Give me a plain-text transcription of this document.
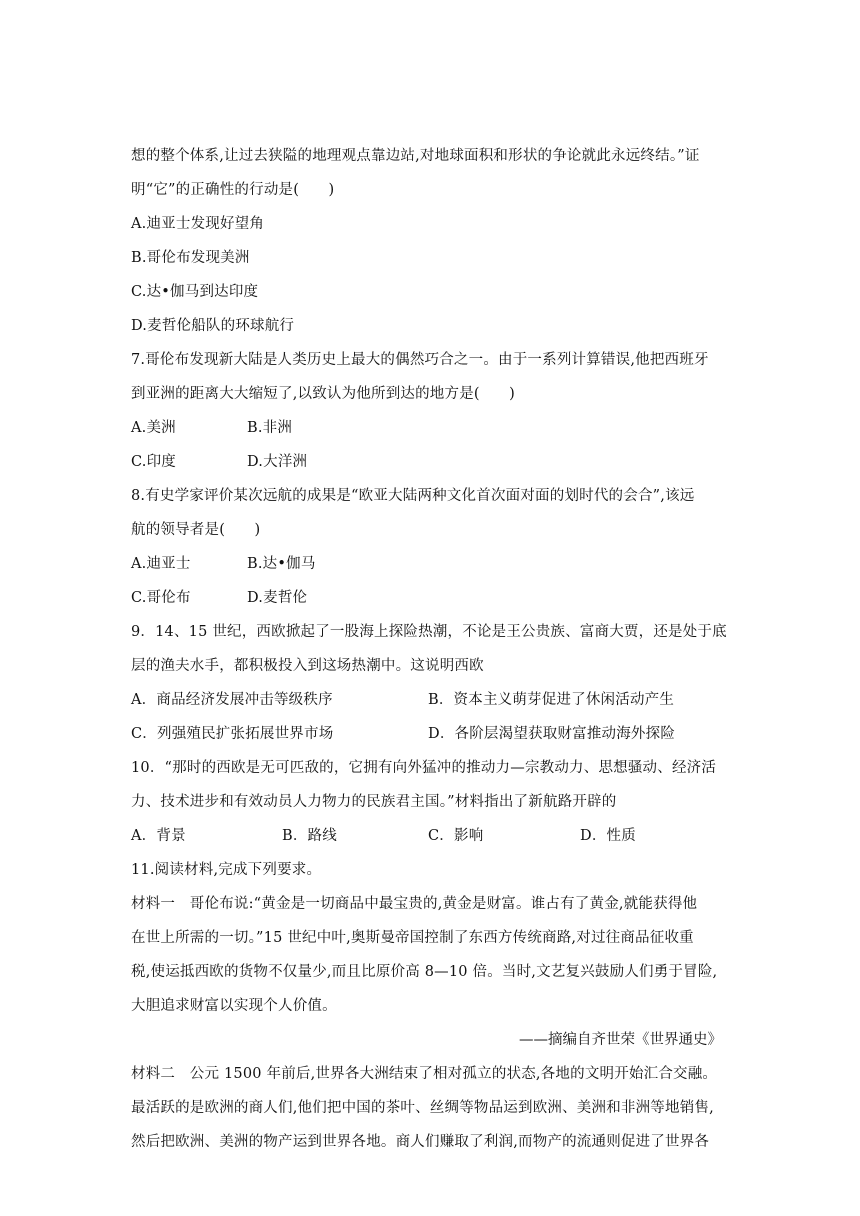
想的整个体系,让过去狭隘的地理观点靠边站,对地球面积和形状的争论就此永远终结。”证
明“它”的正确性的行动是(　　)
A.迪亚士发现好望角
B.哥伦布发现美洲
C.达•伽马到达印度
D.麦哲伦船队的环球航行
7.哥伦布发现新大陆是人类历史上最大的偶然巧合之一。由于一系列计算错误,他把西班牙
到亚洲的距离大大缩短了,以致认为他所到达的地方是(　　)
A.美洲	B.非洲
C.印度	D.大洋洲
8.有史学家评价某次远航的成果是“欧亚大陆两种文化首次面对面的划时代的会合”,该远
航的领导者是(　　)
A.迪亚士	B.达•伽马
C.哥伦布	D.麦哲伦
9．14、15 世纪，西欧掀起了一股海上探险热潮，不论是王公贵族、富商大贾，还是处于底
层的渔夫水手，都积极投入到这场热潮中。这说明西欧
A．商品经济发展冲击等级秩序	B．资本主义萌芽促进了休闲活动产生
C．列强殖民扩张拓展世界市场	D．各阶层渴望获取财富推动海外探险
10．“那时的西欧是无可匹敌的，它拥有向外猛冲的推动力—宗教动力、思想骚动、经济活
力、技术进步和有效动员人力物力的民族君主国。”材料指出了新航路开辟的
A．背景	B．路线	C．影响	D．性质
11.阅读材料,完成下列要求。
材料一　哥伦布说:“黄金是一切商品中最宝贵的,黄金是财富。谁占有了黄金,就能获得他
在世上所需的一切。”15 世纪中叶,奥斯曼帝国控制了东西方传统商路,对过往商品征收重
税,使运抵西欧的货物不仅量少,而且比原价高 8—10 倍。当时,文艺复兴鼓励人们勇于冒险,
大胆追求财富以实现个人价值。
——摘编自齐世荣《世界通史》
材料二　公元 1500 年前后,世界各大洲结束了相对孤立的状态,各地的文明开始汇合交融。
最活跃的是欧洲的商人们,他们把中国的茶叶、丝绸等物品运到欧洲、美洲和非洲等地销售,
然后把欧洲、美洲的物产运到世界各地。商人们赚取了利润,而物产的流通则促进了世界各
